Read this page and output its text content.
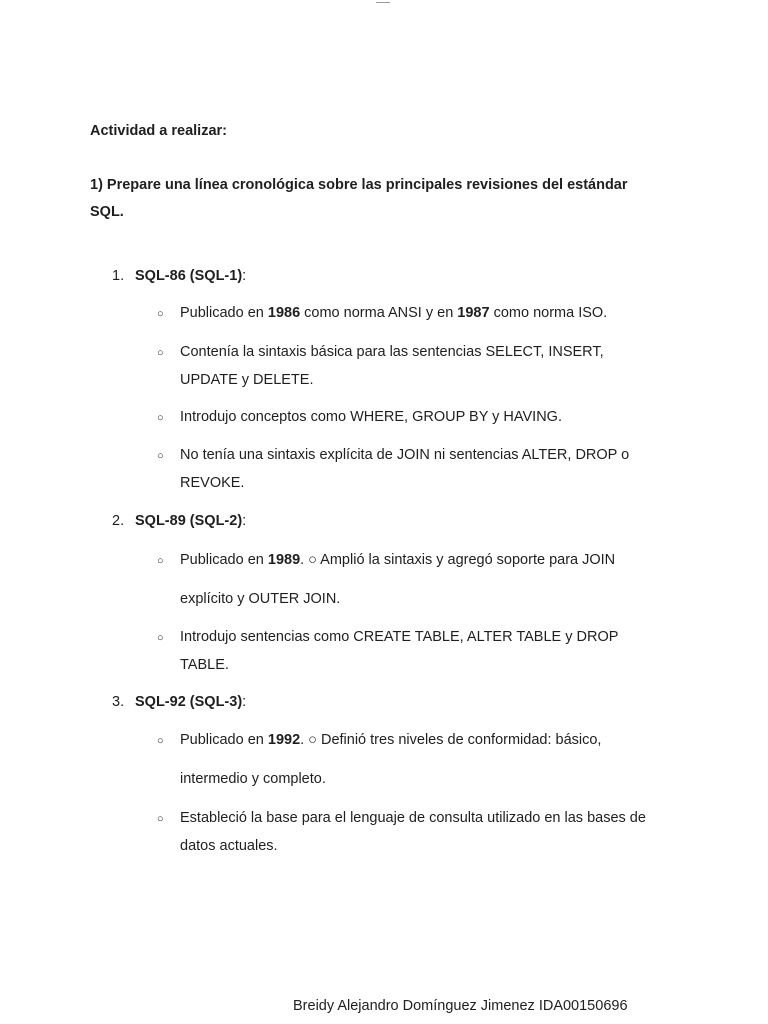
Actividad a realizar:
1) Prepare una línea cronológica sobre las principales revisiones del estándar
SQL.
1. SQL-86 (SQL-1):
○ Publicado en 1986 como norma ANSI y en 1987 como norma ISO.
○ Contenía la sintaxis básica para las sentencias SELECT, INSERT,
UPDATE y DELETE.
○ Introdujo conceptos como WHERE, GROUP BY y HAVING.
○ No tenía una sintaxis explícita de JOIN ni sentencias ALTER, DROP o
REVOKE.
2. SQL-89 (SQL-2):
○ Publicado en 1989. ○ Amplió la sintaxis y agregó soporte para JOIN
explícito y OUTER JOIN.
○ Introdujo sentencias como CREATE TABLE, ALTER TABLE y DROP
TABLE.
3. SQL-92 (SQL-3):
○ Publicado en 1992. ○ Definió tres niveles de conformidad: básico,
intermedio y completo.
○ Estableció la base para el lenguaje de consulta utilizado en las bases de
datos actuales.
Breidy Alejandro Domínguez Jimenez IDA00150696
